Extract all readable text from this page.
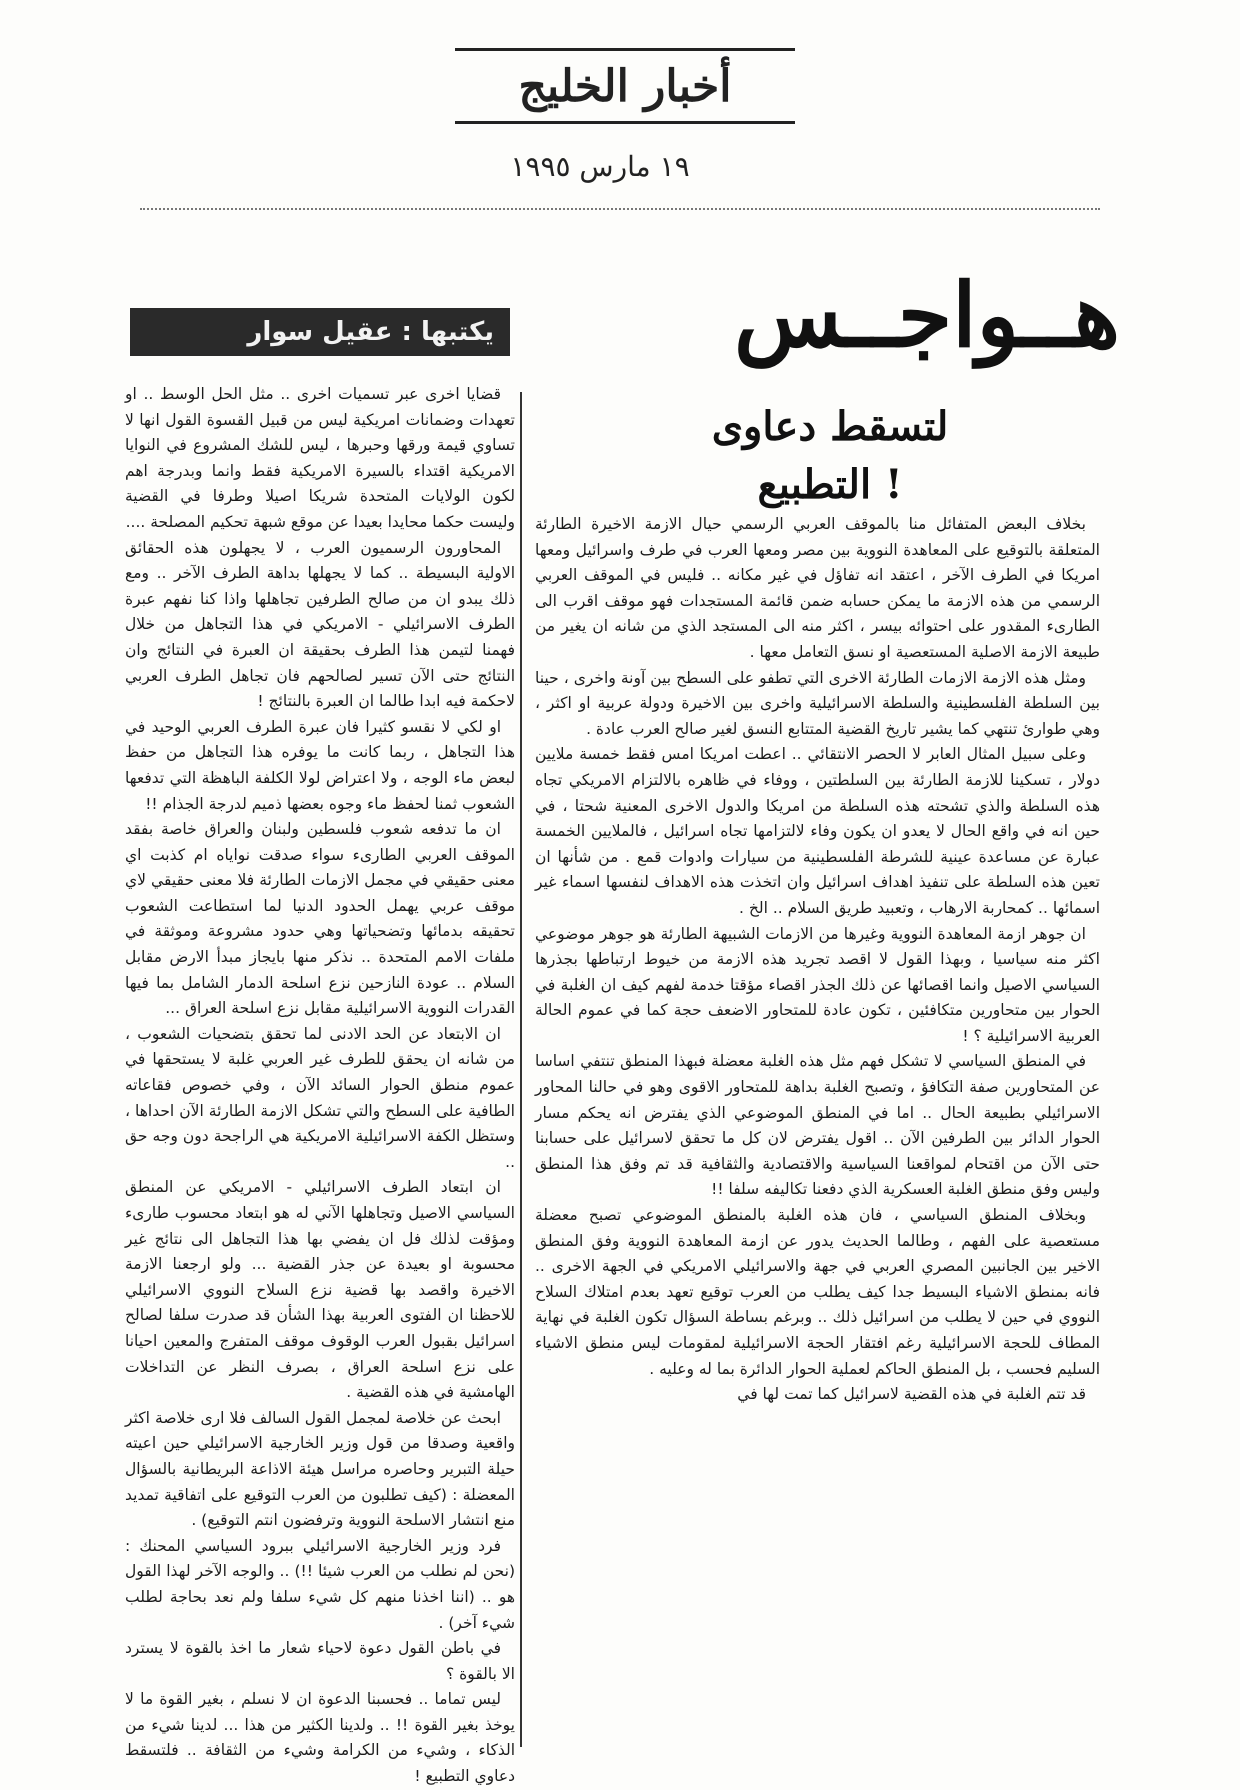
أخبار الخليج
١٩ مارس ١٩٩٥
هــواجــس
يكتبها : عقيل سوار
لتسقط دعاوى
التطبيع !

بخلاف البعض المتفائل منا بالموقف العربي الرسمي حيال الازمة الاخيرة الطارئة المتعلقة بالتوقيع على المعاهدة النووية بين مصر ومعها العرب في طرف واسرائيل ومعها امريكا في الطرف الآخر ، اعتقد انه تفاؤل في غير مكانه .. فليس في الموقف العربي الرسمي من هذه الازمة ما يمكن حسابه ضمن قائمة المستجدات فهو موقف اقرب الى الطارىء المقدور على احتوائه بيسر ، اكثر منه الى المستجد الذي من شانه ان يغير من طبيعة الازمة الاصلية المستعصية او نسق التعامل معها .

ومثل هذه الازمة الازمات الطارئة الاخرى التي تطفو على السطح بين آونة واخرى ، حينا بين السلطة الفلسطينية والسلطة الاسرائيلية واخرى بين الاخيرة ودولة عربية او اكثر ، وهي طوارئ تنتهي كما يشير تاريخ القضية المتتابع النسق لغير صالح العرب عادة .

وعلى سبيل المثال العابر لا الحصر الانتقائي .. اعطت امريكا امس فقط خمسة ملايين دولار ، تسكينا للازمة الطارئة بين السلطتين ، ووفاء في ظاهره بالالتزام الامريكي تجاه هذه السلطة والذي تشحته هذه السلطة من امريكا والدول الاخرى المعنية شحتا ، في حين انه في واقع الحال لا يعدو ان يكون وفاء لالتزامها تجاه اسرائيل ، فالملايين الخمسة عبارة عن مساعدة عينية للشرطة الفلسطينية من سيارات وادوات قمع . من شأنها ان تعين هذه السلطة على تنفيذ اهداف اسرائيل وان اتخذت هذه الاهداف لنفسها اسماء غير اسمائها .. كمحاربة الارهاب ، وتعبيد طريق السلام .. الخ .

ان جوهر ازمة المعاهدة النووية وغيرها من الازمات الشبيهة الطارئة هو جوهر موضوعي اكثر منه سياسيا ، وبهذا القول لا اقصد تجريد هذه الازمة من خيوط ارتباطها بجذرها السياسي الاصيل وانما اقصائها عن ذلك الجذر اقصاء مؤقتا خدمة لفهم كيف ان الغلبة في الحوار بين متحاورين متكافئين ، تكون عادة للمتحاور الاضعف حجة كما في عموم الحالة العربية الاسرائيلية ؟ !

في المنطق السياسي لا تشكل فهم مثل هذه الغلبة معضلة فبهذا المنطق تنتفي اساسا عن المتحاورين صفة التكافؤ ، وتصبح الغلبة بداهة للمتحاور الاقوى وهو في حالنا المحاور الاسرائيلي بطبيعة الحال .. اما في المنطق الموضوعي الذي يفترض انه يحكم مسار الحوار الدائر بين الطرفين الآن .. اقول يفترض لان كل ما تحقق لاسرائيل على حسابنا حتى الآن من اقتحام لمواقعنا السياسية والاقتصادية والثقافية قد تم وفق هذا المنطق وليس وفق منطق الغلبة العسكرية الذي دفعنا تكاليفه سلفا !!

وبخلاف المنطق السياسي ، فان هذه الغلبة بالمنطق الموضوعي تصبح معضلة مستعصية على الفهم ، وطالما الحديث يدور عن ازمة المعاهدة النووية وفق المنطق الاخير بين الجانبين المصري العربي في جهة والاسرائيلي الامريكي في الجهة الاخرى .. فانه بمنطق الاشياء البسيط جدا كيف يطلب من العرب توقيع تعهد بعدم امتلاك السلاح النووي في حين لا يطلب من اسرائيل ذلك .. وبرغم بساطة السؤال تكون الغلبة في نهاية المطاف للحجة الاسرائيلية رغم افتقار الحجة الاسرائيلية لمقومات ليس منطق الاشياء السليم فحسب ، بل المنطق الحاكم لعملية الحوار الدائرة بما له وعليه .

قد تتم الغلبة في هذه القضية لاسرائيل كما تمت لها في

قضايا اخرى عبر تسميات اخرى .. مثل الحل الوسط .. او تعهدات وضمانات امريكية ليس من قبيل القسوة القول انها لا تساوي قيمة ورقها وحبرها ، ليس للشك المشروع في النوايا الامريكية اقتداء بالسيرة الامريكية فقط وانما وبدرجة اهم لكون الولايات المتحدة شريكا اصيلا وطرفا في القضية وليست حكما محايدا بعيدا عن موقع شبهة تحكيم المصلحة ....

المحاورون الرسميون العرب ، لا يجهلون هذه الحقائق الاولية البسيطة .. كما لا يجهلها بداهة الطرف الآخر .. ومع ذلك يبدو ان من صالح الطرفين تجاهلها واذا كنا نفهم عبرة الطرف الاسرائيلي - الامريكي في هذا التجاهل من خلال فهمنا لتيمن هذا الطرف بحقيقة ان العبرة في النتائج وان النتائج حتى الآن تسير لصالحهم فان تجاهل الطرف العربي لاحكمة فيه ابدا طالما ان العبرة بالنتائج !

او لكي لا نقسو كثيرا فان عبرة الطرف العربي الوحيد في هذا التجاهل ، ربما كانت ما يوفره هذا التجاهل من حفظ لبعض ماء الوجه ، ولا اعتراض لولا الكلفة الباهظة التي تدفعها الشعوب ثمنا لحفظ ماء وجوه بعضها ذميم لدرجة الجذام !!

ان ما تدفعه شعوب فلسطين ولبنان والعراق خاصة بفقد الموقف العربي الطارىء سواء صدقت نواياه ام كذبت اي معنى حقيقي في مجمل الازمات الطارئة فلا معنى حقيقي لاي موقف عربي يهمل الحدود الدنيا لما استطاعت الشعوب تحقيقه بدمائها وتضحياتها وهي حدود مشروعة وموثقة في ملفات الامم المتحدة .. نذكر منها بايجاز مبدأ الارض مقابل السلام .. عودة النازحين نزع اسلحة الدمار الشامل بما فيها القدرات النووية الاسرائيلية مقابل نزع اسلحة العراق ...

ان الابتعاد عن الحد الادنى لما تحقق بتضحيات الشعوب ، من شانه ان يحقق للطرف غير العربي غلبة لا يستحقها في عموم منطق الحوار السائد الآن ، وفي خصوص فقاعاته الطافية على السطح والتي تشكل الازمة الطارئة الآن احداها ، وستظل الكفة الاسرائيلية الامريكية هي الراجحة دون وجه حق ..

ان ابتعاد الطرف الاسرائيلي - الامريكي عن المنطق السياسي الاصيل وتجاهلها الآني له هو ابتعاد محسوب طارىء ومؤقت لذلك فل ان يفضي بها هذا التجاهل الى نتائج غير محسوبة او بعيدة عن جذر القضية ... ولو ارجعنا الازمة الاخيرة واقصد بها قضية نزع السلاح النووي الاسرائيلي للاحظنا ان الفتوى العربية بهذا الشأن قد صدرت سلفا لصالح اسرائيل بقبول العرب الوقوف موقف المتفرج والمعين احيانا على نزع اسلحة العراق ، بصرف النظر عن التداخلات الهامشية في هذه القضية .

ابحث عن خلاصة لمجمل القول السالف فلا ارى خلاصة اكثر واقعية وصدقا من قول وزير الخارجية الاسرائيلي حين اعيته حيلة التبرير وحاصره مراسل هيئة الاذاعة البريطانية بالسؤال المعضلة : (كيف تطلبون من العرب التوقيع على اتفاقية تمديد منع انتشار الاسلحة النووية وترفضون انتم التوقيع) .

فرد وزير الخارجية الاسرائيلي ببرود السياسي المحنك : (نحن لم نطلب من العرب شيئا !!) .. والوجه الآخر لهذا القول هو .. (اننا اخذنا منهم كل شيء سلفا ولم نعد بحاجة لطلب شيء آخر) .

في باطن القول دعوة لاحياء شعار ما اخذ بالقوة لا يسترد الا بالقوة ؟

ليس تماما .. فحسبنا الدعوة ان لا نسلم ، بغير القوة ما لا يوخذ بغير القوة !! .. ولدينا الكثير من هذا ... لدينا شيء من الذكاء ، وشيء من الكرامة وشيء من الثقافة .. فلتسقط دعاوي التطبيع !
